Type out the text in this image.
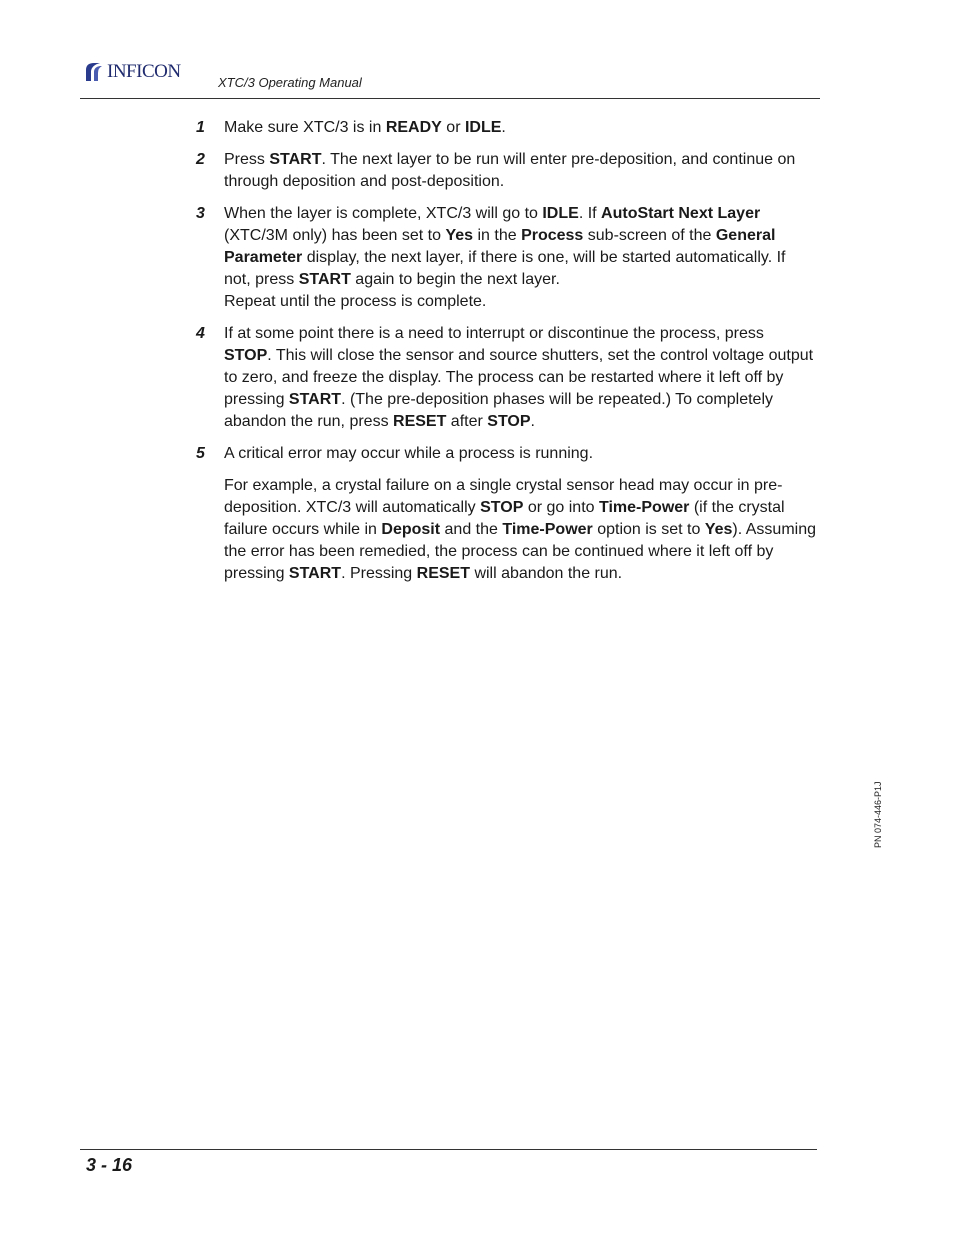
INFICON
XTC/3 Operating Manual
1 Make sure XTC/3 is in READY or IDLE.

2 Press START. The next layer to be run will enter pre-deposition, and continue on through deposition and post-deposition.

3 When the layer is complete, XTC/3 will go to IDLE. If AutoStart Next Layer (XTC/3M only) has been set to Yes in the Process sub-screen of the General Parameter display, the next layer, if there is one, will be started automatically. If not, press START again to begin the next layer.

Repeat until the process is complete.

4 If at some point there is a need to interrupt or discontinue the process, press STOP. This will close the sensor and source shutters, set the control voltage output to zero, and freeze the display. The process can be restarted where it left off by pressing START. (The pre-deposition phases will be repeated.) To completely abandon the run, press RESET after STOP.

5 A critical error may occur while a process is running.

For example, a crystal failure on a single crystal sensor head may occur in pre-deposition. XTC/3 will automatically STOP or go into Time-Power (if the crystal failure occurs while in Deposit and the Time-Power option is set to Yes). Assuming the error has been remedied, the process can be continued where it left off by pressing START. Pressing RESET will abandon the run.

PN 074-446-P1J
3 - 16
